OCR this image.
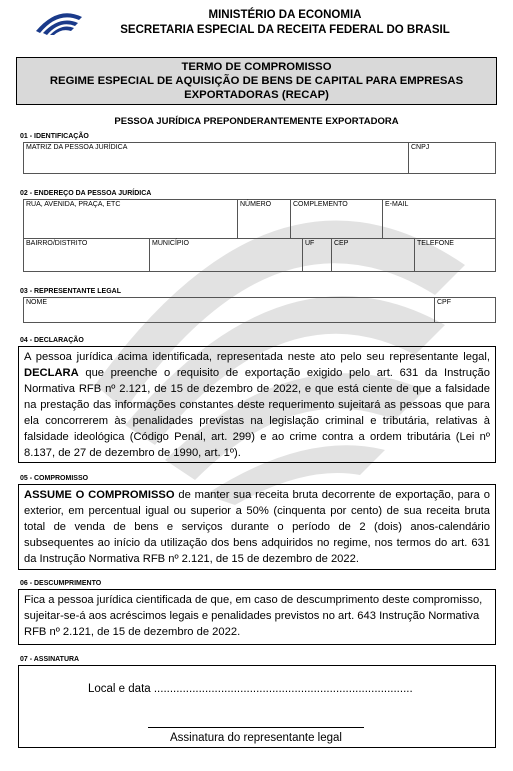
MINISTÉRIO DA ECONOMIA
SECRETARIA ESPECIAL DA RECEITA FEDERAL DO BRASIL
TERMO DE COMPROMISSO
REGIME ESPECIAL DE AQUISIÇÃO DE BENS DE CAPITAL PARA EMPRESAS
EXPORTADORAS (RECAP)
PESSOA JURÍDICA PREPONDERANTEMENTE EXPORTADORA
01 - IDENTIFICAÇÃO
MATRIZ DA PESSOA JURÍDICA	CNPJ
02 - ENDEREÇO DA PESSOA JURÍDICA
RUA, AVENIDA, PRAÇA, ETC	NÚMERO	COMPLEMENTO	E-MAIL
BAIRRO/DISTRITO	MUNICÍPIO	UF	CEP	TELEFONE
03 - REPRESENTANTE LEGAL
NOME	CPF
04 - DECLARAÇÃO
A pessoa jurídica acima identificada, representada neste ato pelo seu representante legal, DECLARA que preenche o requisito de exportação exigido pelo art. 631 da Instrução Normativa RFB nº 2.121, de 15 de dezembro de 2022, e que está ciente de que a falsidade na prestação das informações constantes deste requerimento sujeitará as pessoas que para ela concorrerem às penalidades previstas na legislação criminal e tributária, relativas à falsidade ideológica (Código Penal, art. 299) e ao crime contra a ordem tributária (Lei nº 8.137, de 27 de dezembro de 1990, art. 1º).
05 - COMPROMISSO
ASSUME O COMPROMISSO de manter sua receita bruta decorrente de exportação, para o exterior, em percentual igual ou superior a 50% (cinquenta por cento) de sua receita bruta total de venda de bens e serviços durante o período de 2 (dois) anos-calendário subsequentes ao início da utilização dos bens adquiridos no regime, nos termos do art. 631 da Instrução Normativa RFB nº 2.121, de 15 de dezembro de 2022.
06 - DESCUMPRIMENTO
Fica a pessoa jurídica cientificada de que, em caso de descumprimento deste compromisso, sujeitar-se-á aos acréscimos legais e penalidades previstos no art. 643 Instrução Normativa RFB nº 2.121, de 15 de dezembro de 2022.
07 - ASSINATURA
Local e data .................................................................................
Assinatura do representante legal
